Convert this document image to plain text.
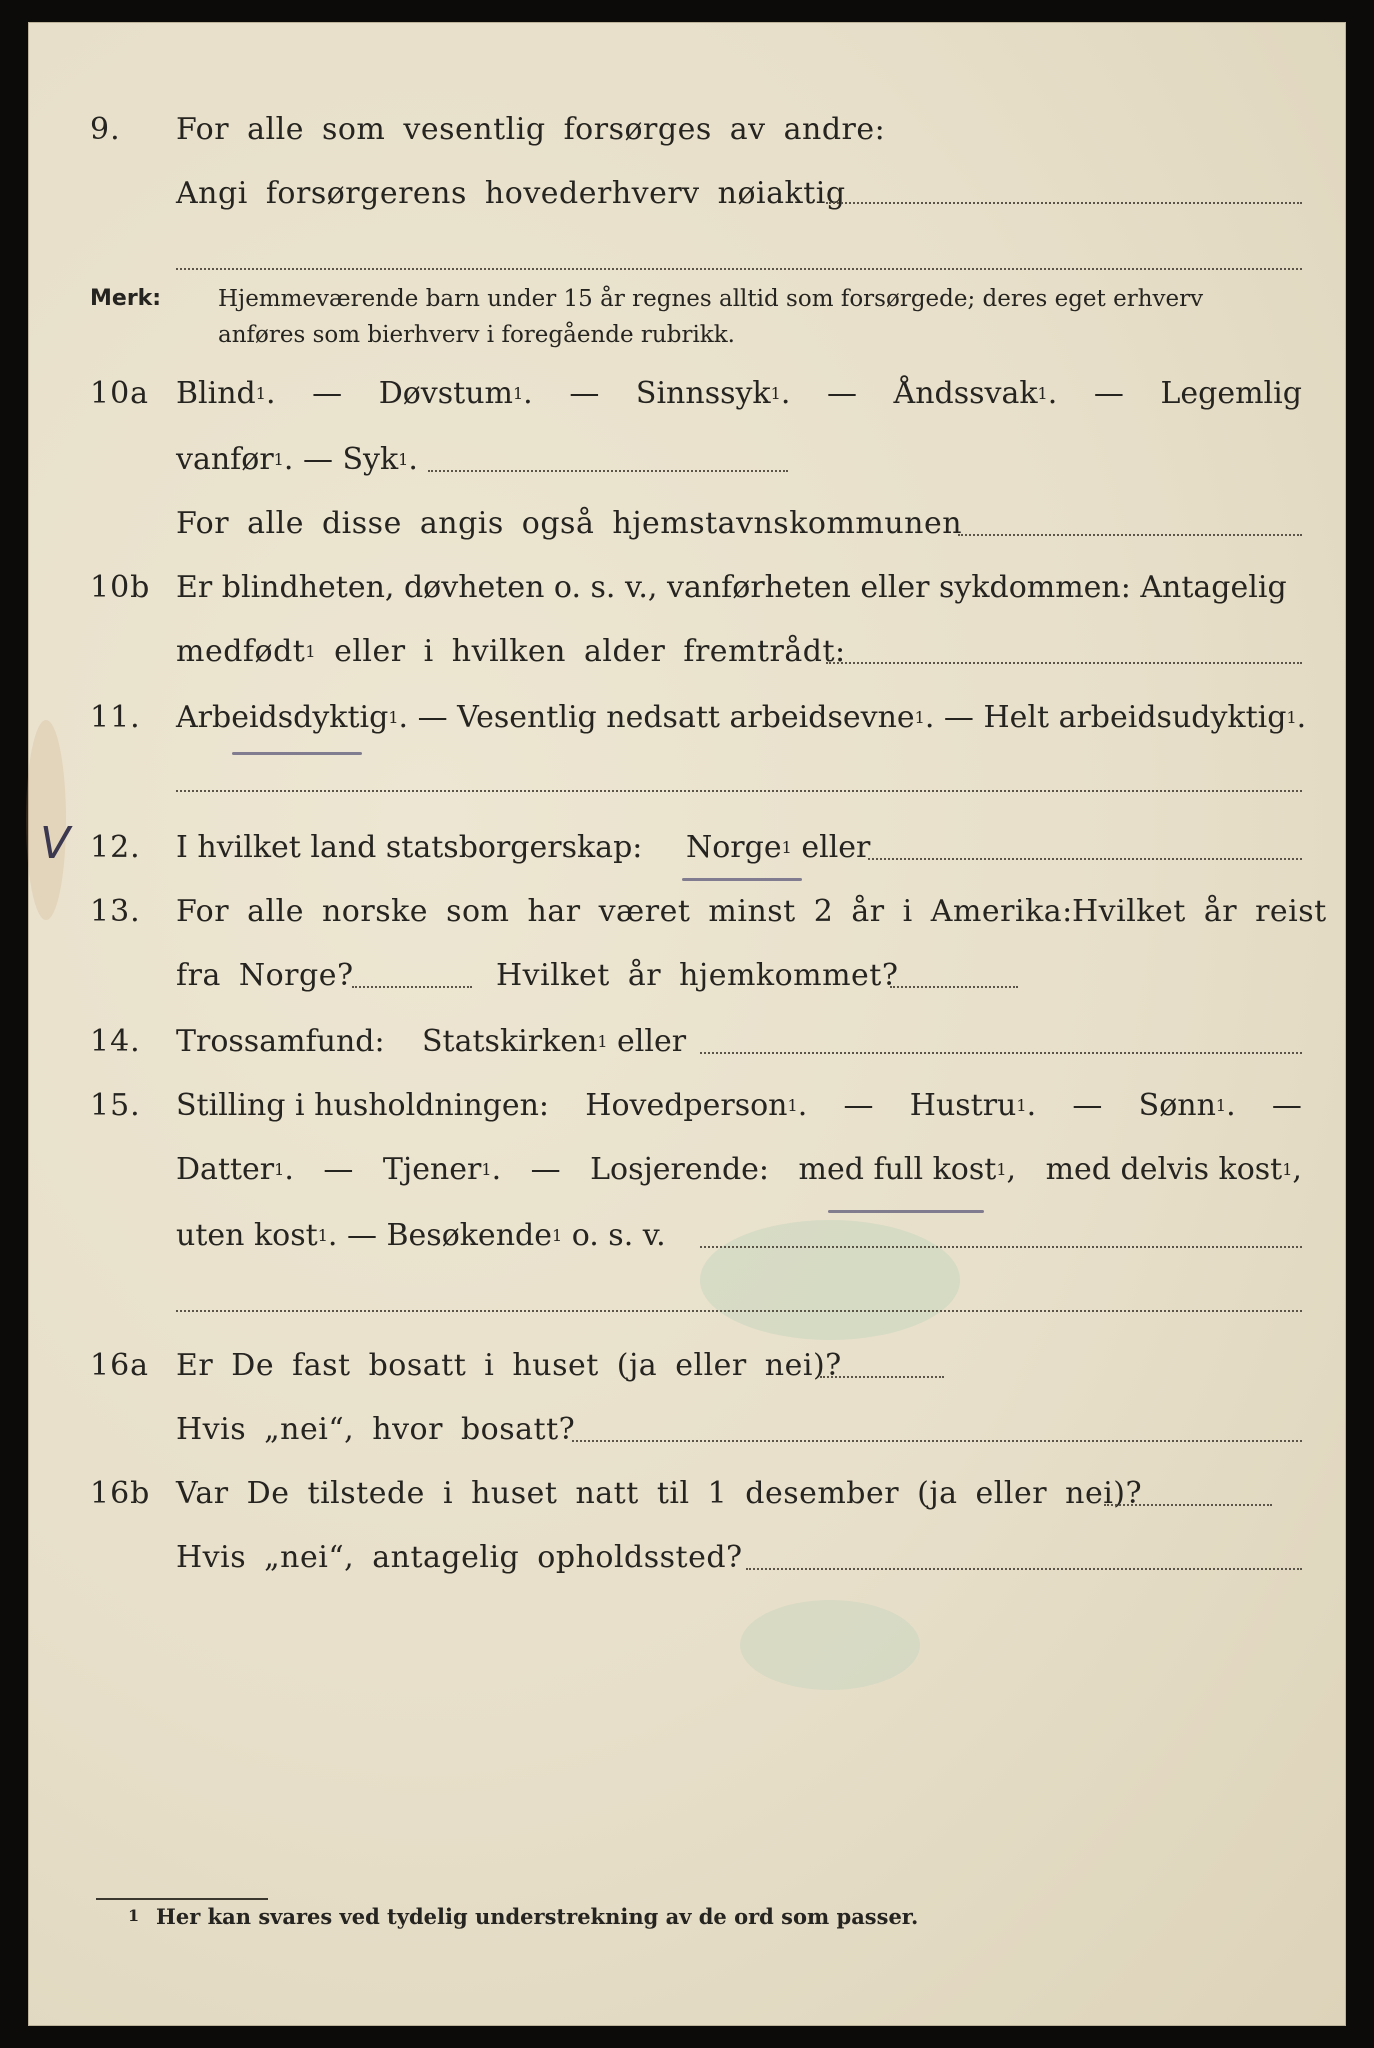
9. For alle som vesentlig forsørges av andre:
Angi forsørgerens hovederhverv nøiaktig
Merk: Hjemmeværende barn under 15 år regnes alltid som forsørgede; deres eget erhverv
anføres som bierhverv i foregående rubrikk.
10a Blind$^1$. — Døvstum$^1$. — Sinnssyk$^1$. — Åndssvak$^1$. — Legemlig
vanfør$^1$. — Syk$^1$.
For alle disse angis også hjemstavnskommunen
10b Er blindheten, døvheten o. s. v., vanførheten eller sykdommen: Antagelig
medfødt$^1$ eller i hvilken alder fremtrådt:
11. Arbeidsdyktig$^1$. — Vesentlig nedsatt arbeidsevne$^1$. — Helt arbeidsudyktig$^1$.
V 12. I hvilket land statsborgerskap: Norge$^1$ eller
13. For alle norske som har været minst 2 år i Amerika: Hvilket år reist
fra Norge?	Hvilket år hjemkommet?
14. Trossamfund: Statskirken$^1$ eller
15. Stilling i husholdningen: Hovedperson$^1$. — Hustru$^1$. — Sønn$^1$. —
Datter$^1$. — Tjener$^1$. — Losjerende: med full kost$^1$, med delvis kost$^1$,
uten kost$^1$. — Besøkende$^1$ o. s. v.
16a Er De fast bosatt i huset (ja eller nei)?
Hvis „nei“, hvor bosatt?
16b Var De tilstede i huset natt til 1 desember (ja eller nei)?
Hvis „nei“, antagelig opholdssted?
1 Her kan svares ved tydelig understrekning av de ord som passer.
